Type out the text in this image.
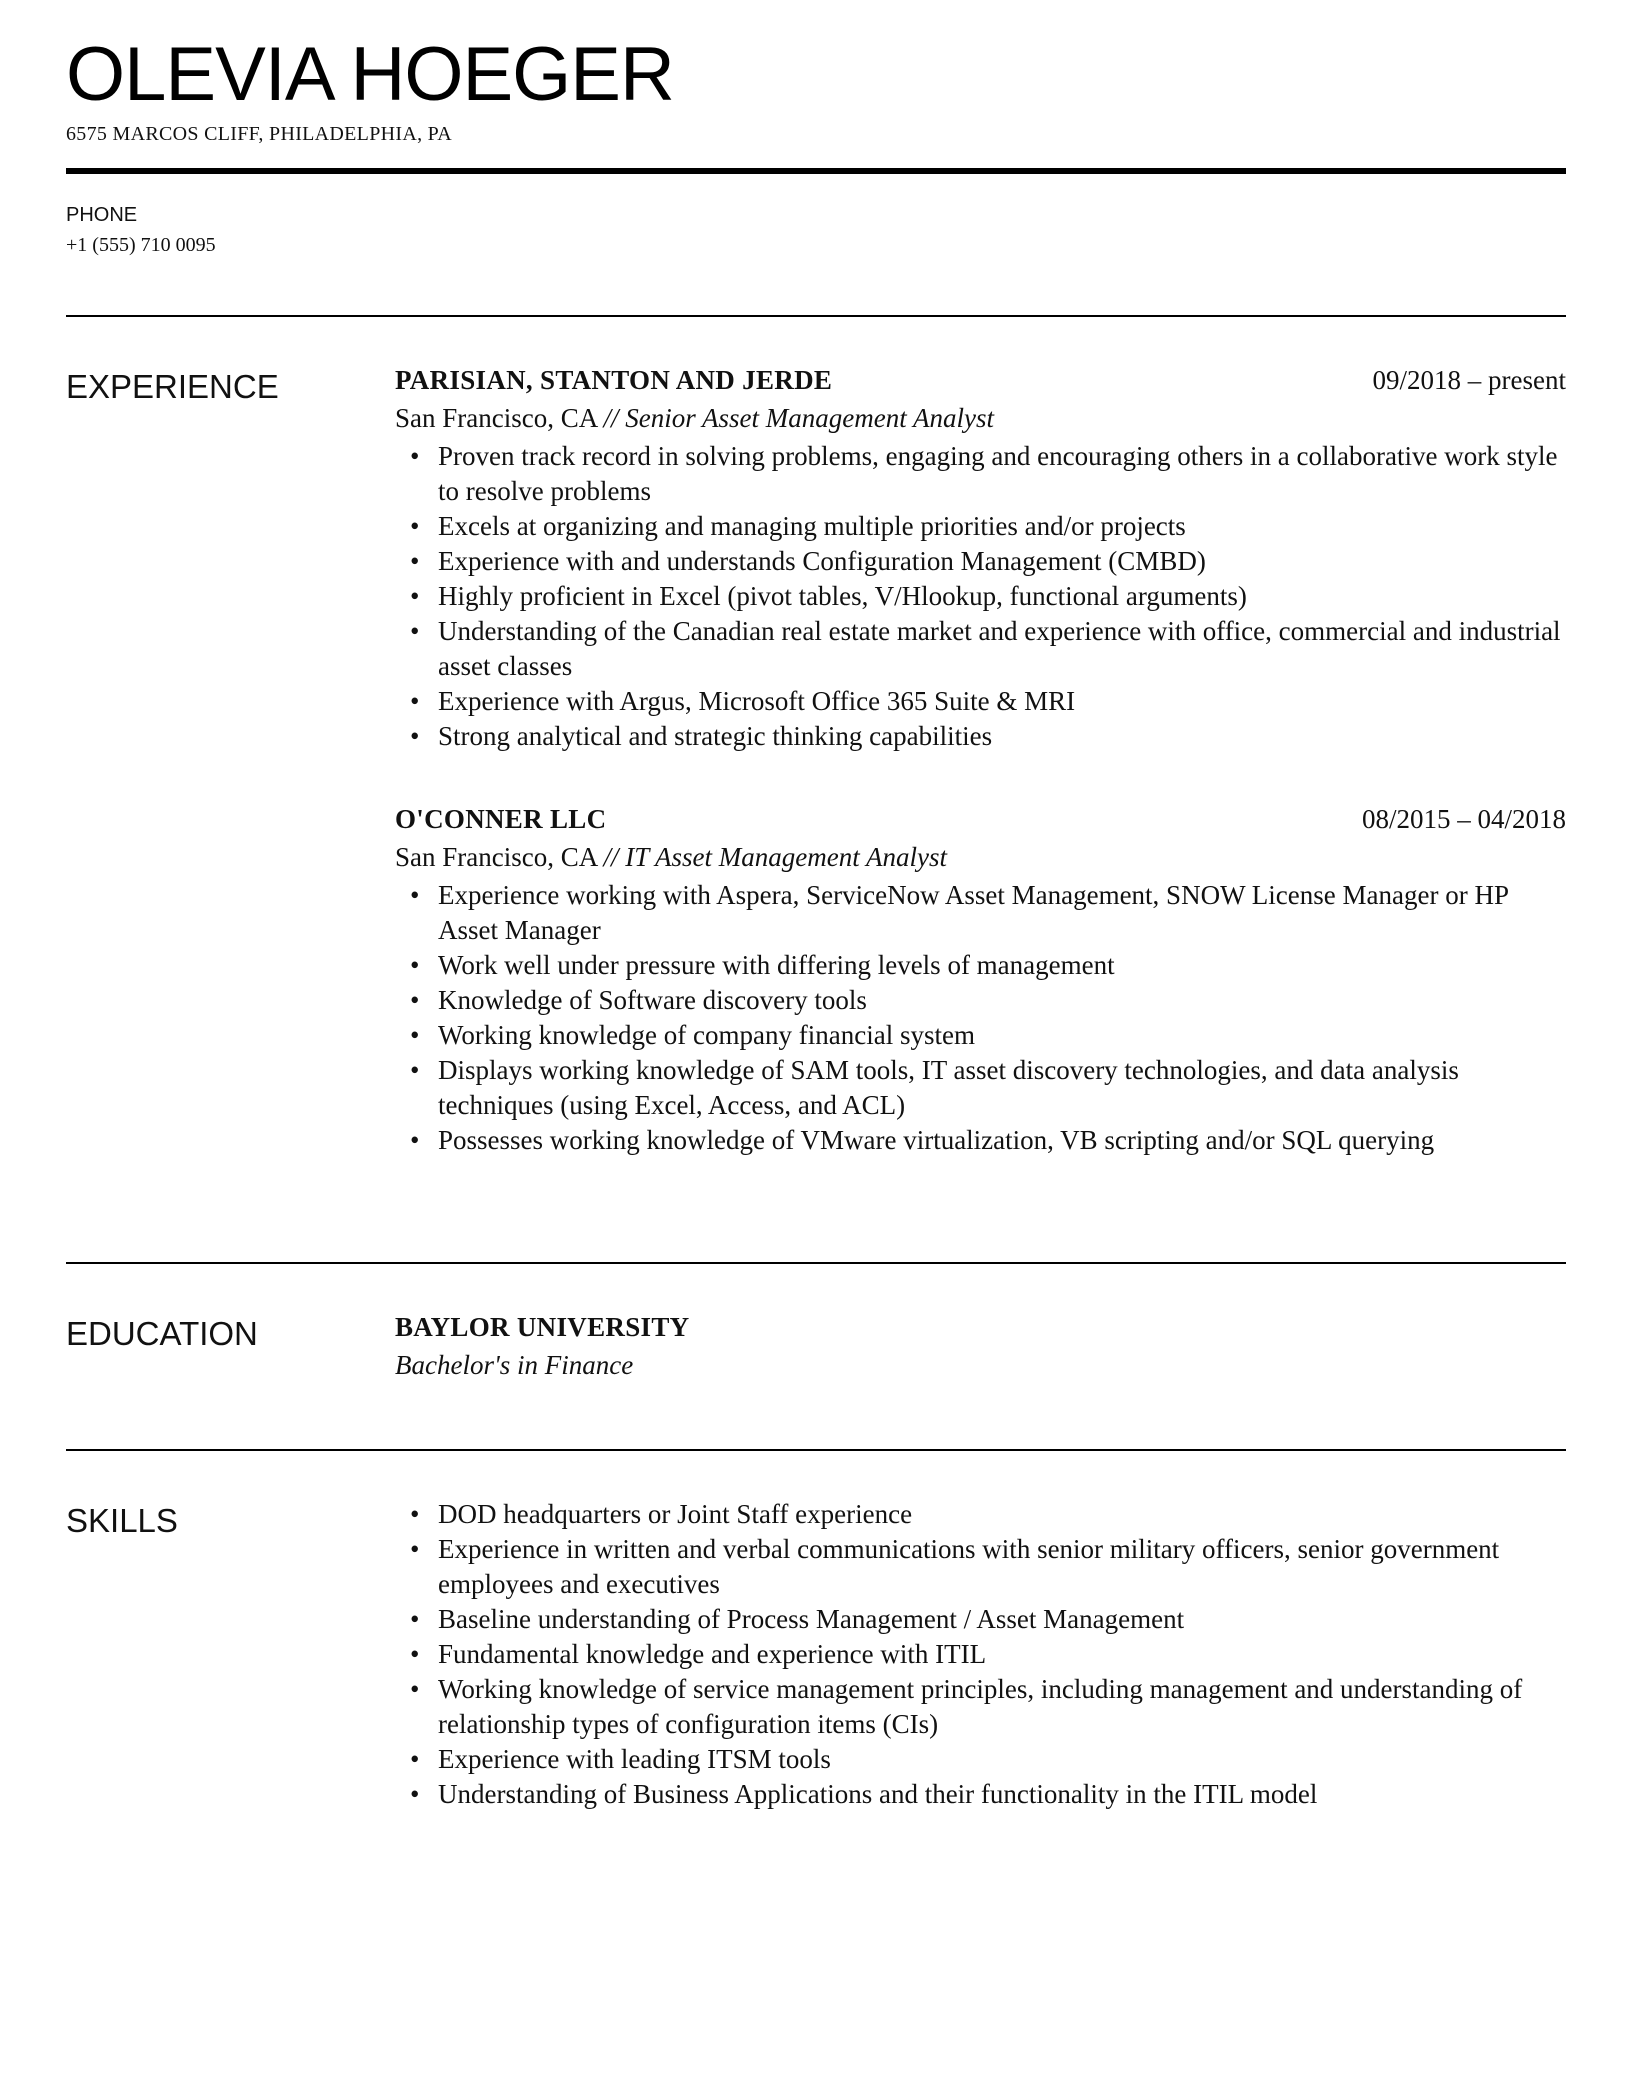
OLEVIA HOEGER
6575 MARCOS CLIFF, PHILADELPHIA, PA
PHONE
+1 (555) 710 0095
EXPERIENCE	PARISIAN, STANTON AND JERDE	09/2018 – present
San Francisco, CA // Senior Asset Management Analyst
• Proven track record in solving problems, engaging and encouraging others in a collaborative work style to resolve problems
• Excels at organizing and managing multiple priorities and/or projects
• Experience with and understands Configuration Management (CMBD)
• Highly proficient in Excel (pivot tables, V/Hlookup, functional arguments)
• Understanding of the Canadian real estate market and experience with office, commercial and industrial asset classes
• Experience with Argus, Microsoft Office 365 Suite & MRI
• Strong analytical and strategic thinking capabilities
O'CONNER LLC	08/2015 – 04/2018
San Francisco, CA // IT Asset Management Analyst
• Experience working with Aspera, ServiceNow Asset Management, SNOW License Manager or HP Asset Manager
• Work well under pressure with differing levels of management
• Knowledge of Software discovery tools
• Working knowledge of company financial system
• Displays working knowledge of SAM tools, IT asset discovery technologies, and data analysis techniques (using Excel, Access, and ACL)
• Possesses working knowledge of VMware virtualization, VB scripting and/or SQL querying
EDUCATION	BAYLOR UNIVERSITY
Bachelor's in Finance
SKILLS
•	DOD headquarters or Joint Staff experience
• Experience in written and verbal communications with senior military officers, senior government employees and executives
• Baseline understanding of Process Management / Asset Management
• Fundamental knowledge and experience with ITIL
• Working knowledge of service management principles, including management and understanding of relationship types of configuration items (CIs)
• Experience with leading ITSM tools
• Understanding of Business Applications and their functionality in the ITIL model
